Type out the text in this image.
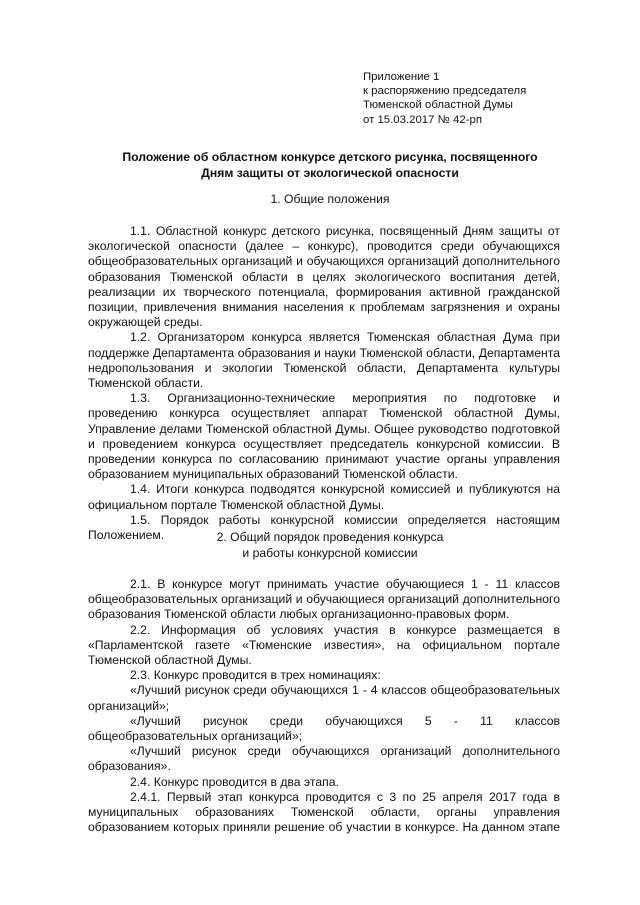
Приложение 1
к распоряжению председателя
Тюменской областной Думы
от 15.03.2017 № 42-рп
Положение об областном конкурсе детского рисунка, посвященного
Дням защиты от экологической опасности
1. Общие положения

1.1. Областной конкурс детского рисунка, посвященный Дням защиты от экологической опасности (далее – конкурс), проводится среди обучающихся общеобразовательных организаций и обучающихся организаций дополнительного образования Тюменской области в целях экологического воспитания детей, реализации их творческого потенциала, формирования активной гражданской позиции, привлечения внимания населения к проблемам загрязнения и охраны окружающей среды.

1.2. Организатором конкурса является Тюменская областная Дума при поддержке Департамента образования и науки Тюменской области, Департамента недропользования и экологии Тюменской области, Департамента культуры Тюменской области.

1.3. Организационно-технические мероприятия по подготовке и проведению конкурса осуществляет аппарат Тюменской областной Думы, Управление делами Тюменской областной Думы. Общее руководство подготовкой и проведением конкурса осуществляет председатель конкурсной комиссии. В проведении конкурса по согласованию принимают участие органы управления образованием муниципальных образований Тюменской области.

1.4. Итоги конкурса подводятся конкурсной комиссией и публикуются на официальном портале Тюменской областной Думы.

1.5. Порядок работы конкурсной комиссии определяется настоящим Положением.	2. Общий порядок проведения конкурса
и работы конкурсной комиссии

2.1. В конкурсе могут принимать участие обучающиеся 1 - 11 классов общеобразовательных организаций и обучающиеся организаций дополнительного образования Тюменской области любых организационно-правовых форм.

2.2. Информация об условиях участия в конкурсе размещается в «Парламентской газете «Тюменские известия», на официальном портале Тюменской областной Думы.

2.3. Конкурс проводится в трех номинациях:

«Лучший рисунок среди обучающихся 1 - 4 классов общеобразовательных организаций»;

«Лучший рисунок среди обучающихся 5 - 11 классов общеобразовательных организаций»;

«Лучший рисунок среди обучающихся организаций дополнительного образования».

2.4. Конкурс проводится в два этапа.

2.4.1. Первый этап конкурса проводится с 3 по 25 апреля 2017 года в муниципальных образованиях Тюменской области, органы управления образованием которых приняли решение об участии в конкурсе. На данном этапе
